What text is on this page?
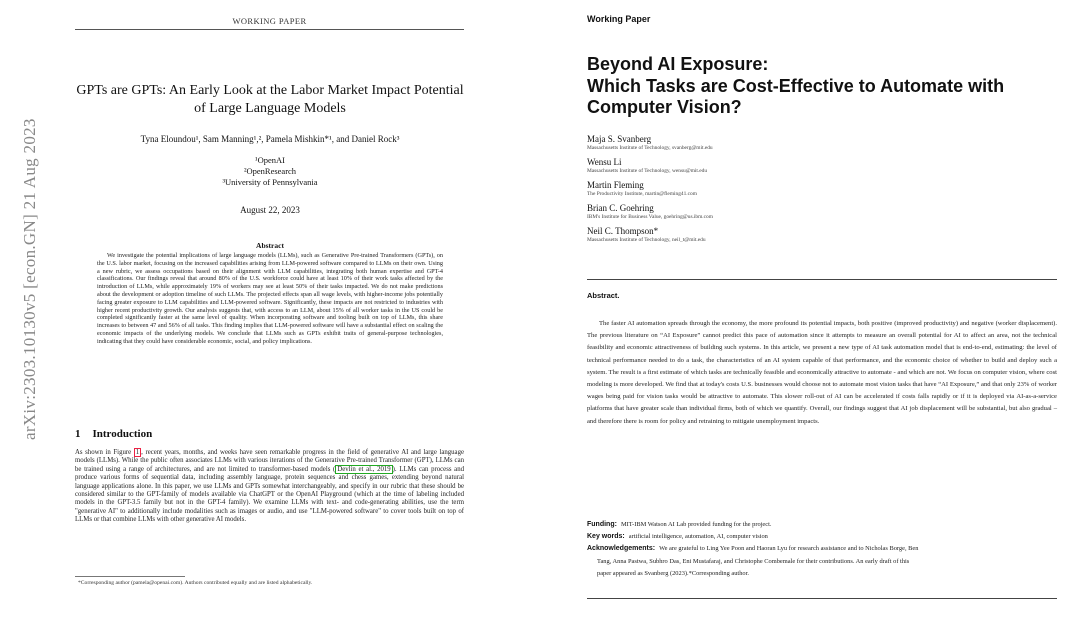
arXiv:2303.10130v5 [econ.GN] 21 Aug 2023
WORKING PAPER
GPTs are GPTs: An Early Look at the Labor Market Impact Potential
of Large Language Models
Tyna Eloundou¹, Sam Manning¹,², Pamela Mishkin*¹, and Daniel Rock³
¹OpenAI
²OpenResearch
³University of Pennsylvania
August 22, 2023
Abstract
We investigate the potential implications of large language models (LLMs), such as Generative Pre-trained Transformers (GPTs), on the U.S. labor market, focusing on the increased capabilities arising from LLM-powered software compared to LLMs on their own. Using a new rubric, we assess occupations based on their alignment with LLM capabilities, integrating both human expertise and GPT-4 classifications. Our findings reveal that around 80% of the U.S. workforce could have at least 10% of their work tasks affected by the introduction of LLMs, while approximately 19% of workers may see at least 50% of their tasks impacted. We do not make predictions about the development or adoption timeline of such LLMs. The projected effects span all wage levels, with higher-income jobs potentially facing greater exposure to LLM capabilities and LLM-powered software. Significantly, these impacts are not restricted to industries with higher recent productivity growth. Our analysis suggests that, with access to an LLM, about 15% of all worker tasks in the US could be completed significantly faster at the same level of quality. When incorporating software and tooling built on top of LLMs, this share increases to between 47 and 56% of all tasks. This finding implies that LLM-powered software will have a substantial effect on scaling the economic impacts of the underlying models. We conclude that LLMs such as GPTs exhibit traits of general-purpose technologies, indicating that they could have considerable economic, social, and policy implications.
1 Introduction
As shown in Figure 1 , recent years, months, and weeks have seen remarkable progress in the field of generative AI and large language models (LLMs). While the public often associates LLMs with various iterations of the Generative Pre-trained Transformer (GPT), LLMs can be trained using a range of architectures, and are not limited to transformer-based models ( Devlin et al., 2019 ). LLMs can process and produce various forms of sequential data, including assembly language, protein sequences and chess games, extending beyond natural language applications alone. In this paper, we use LLMs and GPTs somewhat interchangeably, and specify in our rubric that these should be considered similar to the GPT-family of models available via ChatGPT or the OpenAI Playground (which at the time of labeling included models in the GPT-3.5 family but not in the GPT-4 family). We examine LLMs with text- and code-generating abilities, use the term "generative AI" to additionally include modalities such as images or audio, and use "LLM-powered software" to cover tools built on top of LLMs or that combine LLMs with other generative AI models.
*Corresponding author (pamela@openai.com). Authors contributed equally and are listed alphabetically.
Working Paper
Beyond AI Exposure:
Which Tasks are Cost-Effective to Automate with
Computer Vision?
Maja S. Svanberg
Massachusetts Institute of Technology, svanberg@mit.edu
Wensu Li
Massachusetts Institute of Technology, wensu@mit.edu
Martin Fleming
The Productivity Institute, martin@fleming41.com
Brian C. Goehring
IBM's Institute for Business Value, goehring@us.ibm.com
Neil C. Thompson*
Massachusetts Institute of Technology, neil_t@mit.edu
Abstract.
The faster AI automation spreads through the economy, the more profound its potential impacts, both positive (improved productivity) and negative (worker displacement). The previous literature on “AI Exposure” cannot predict this pace of automation since it attempts to measure an overall potential for AI to affect an area, not the technical feasibility and economic attractiveness of building such systems. In this article, we present a new type of AI task automation model that is end-to-end, estimating: the level of technical performance needed to do a task, the characteristics of an AI system capable of that performance, and the economic choice of whether to build and deploy such a system. The result is a first estimate of which tasks are technically feasible and economically attractive to automate - and which are not. We focus on computer vision, where cost modeling is more developed. We find that at today's costs U.S. businesses would choose not to automate most vision tasks that have “AI Exposure,” and that only 23% of worker wages being paid for vision tasks would be attractive to automate. This slower roll-out of AI can be accelerated if costs falls rapidly or if it is deployed via AI-as-a-service platforms that have greater scale than individual firms, both of which we quantify. Overall, our findings suggest that AI job displacement will be substantial, but also gradual – and therefore there is room for policy and retraining to mitigate unemployment impacts.
Funding: MIT-IBM Watson AI Lab provided funding for the project.
Key words: artificial intelligence, automation, AI, computer vision
Acknowledgements: We are grateful to Ling Yee Poon and Haoran Lyu for research assistance and to Nicholas Borge, Ben
Tang, Anna Pastwa, Subhro Das, Eni Mustafaraj, and Christophe Combemale for their contributions. An early draft of this
paper appeared as Svanberg (2023).*Corresponding author.
